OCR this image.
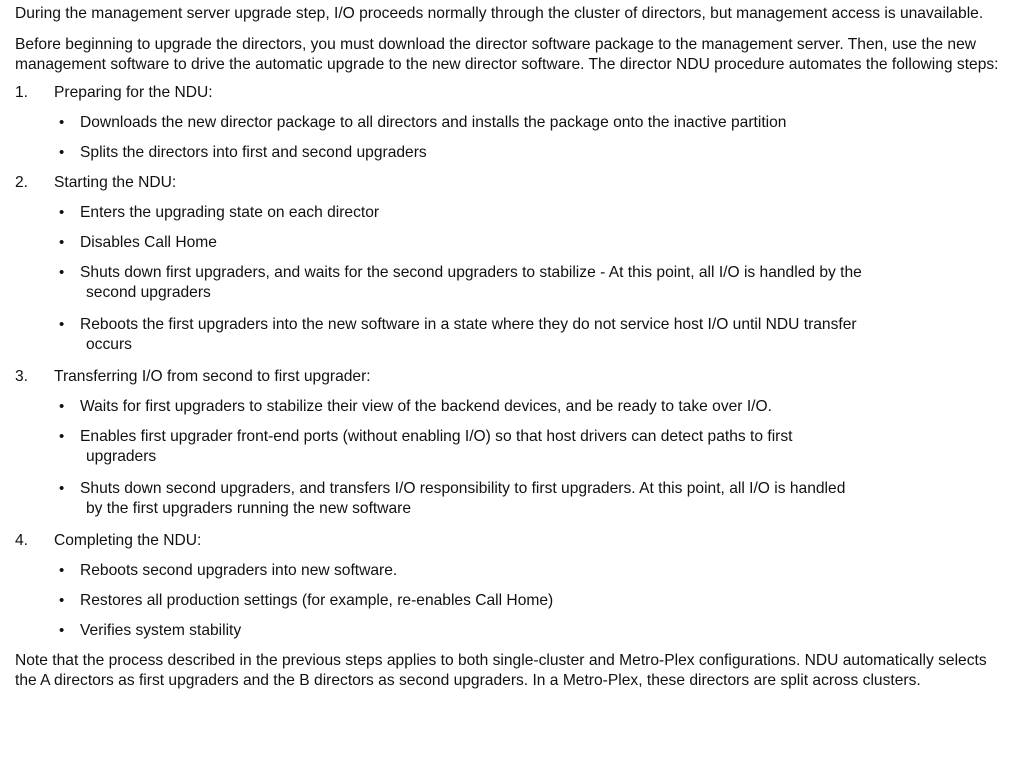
During the management server upgrade step, I/O proceeds normally through the cluster of directors, but management access is unavailable.

Before beginning to upgrade the directors, you must download the director software package to the management server. Then, use the new management software to drive the automatic upgrade to the new director software. The director NDU procedure automates the following steps:

1. Preparing for the NDU:
• Downloads the new director package to all directors and installs the package onto the inactive partition
• Splits the directors into first and second upgraders
2. Starting the NDU:
• Enters the upgrading state on each director
• Disables Call Home
• Shuts down first upgraders, and waits for the second upgraders to stabilize - At this point, all I/O is handled by the
second upgraders
• Reboots the first upgraders into the new software in a state where they do not service host I/O until NDU transfer
occurs
3. Transferring I/O from second to first upgrader:
• Waits for first upgraders to stabilize their view of the backend devices, and be ready to take over I/O.
• Enables first upgrader front-end ports (without enabling I/O) so that host drivers can detect paths to first
upgraders
• Shuts down second upgraders, and transfers I/O responsibility to first upgraders. At this point, all I/O is handled
by the first upgraders running the new software
4. Completing the NDU:
• Reboots second upgraders into new software.
• Restores all production settings (for example, re-enables Call Home)
• Verifies system stability

Note that the process described in the previous steps applies to both single-cluster and Metro-Plex configurations. NDU automatically selects the A directors as first upgraders and the B directors as second upgraders. In a Metro-Plex, these directors are split across clusters.
